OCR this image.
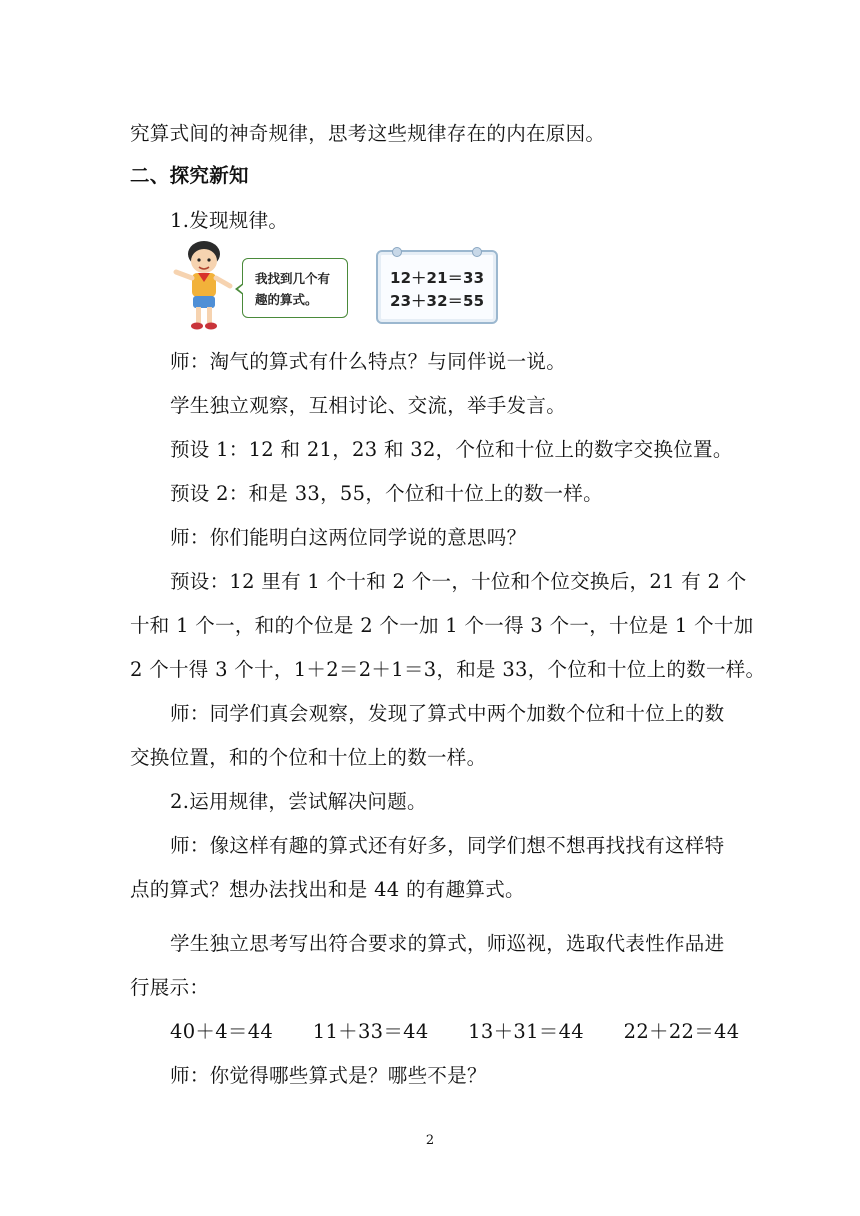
究算式间的神奇规律，思考这些规律存在的内在原因。
二、探究新知
1.发现规律。
我找到几个有
趣的算式。
12＋21＝33
23＋32＝55
师：淘气的算式有什么特点？与同伴说一说。
学生独立观察，互相讨论、交流，举手发言。
预设 1：12 和 21，23 和 32，个位和十位上的数字交换位置。
预设 2：和是 33，55，个位和十位上的数一样。
师：你们能明白这两位同学说的意思吗？
预设：12 里有 1 个十和 2 个一，十位和个位交换后，21 有 2 个
十和 1 个一，和的个位是 2 个一加 1 个一得 3 个一，十位是 1 个十加
2 个十得 3 个十，1＋2＝2＋1＝3，和是 33，个位和十位上的数一样。
师：同学们真会观察，发现了算式中两个加数个位和十位上的数
交换位置，和的个位和十位上的数一样。
2.运用规律，尝试解决问题。
师：像这样有趣的算式还有好多，同学们想不想再找找有这样特
点的算式？想办法找出和是 44 的有趣算式。
学生独立思考写出符合要求的算式，师巡视，选取代表性作品进
行展示：
40＋4＝44　　11＋33＝44　　13＋31＝44　　22＋22＝44
师：你觉得哪些算式是？哪些不是？
2
